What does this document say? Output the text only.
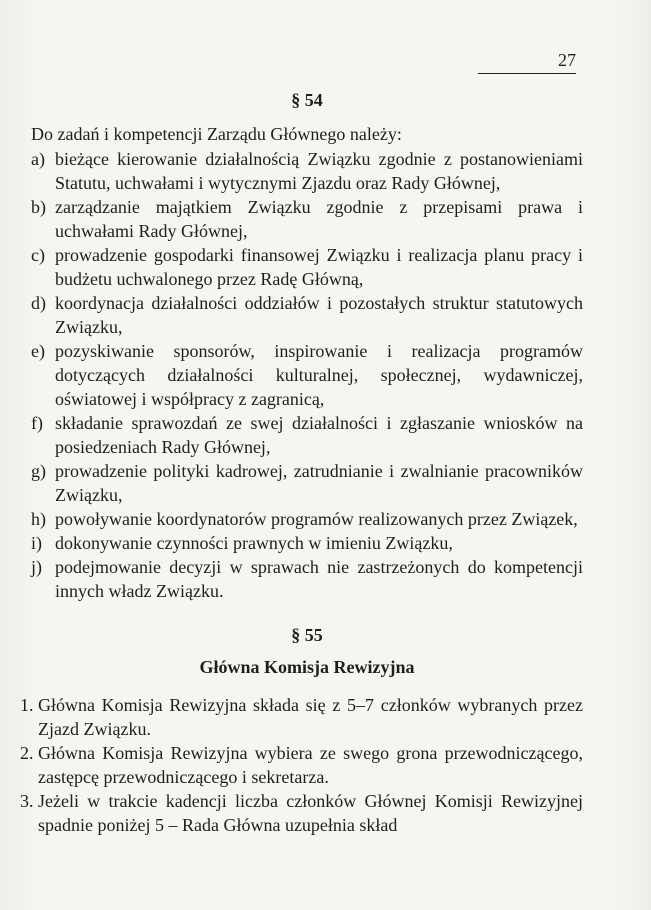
27
§ 54

Do zadań i kompetencji Zarządu Głównego należy:

a) bieżące kierowanie działalnością Związku zgodnie z postanowieniami Statutu, uchwałami i wytycznymi Zjazdu oraz Rady Głównej,
b) zarządzanie majątkiem Związku zgodnie z przepisami prawa i uchwałami Rady Głównej,
c) prowadzenie gospodarki finansowej Związku i realizacja planu pracy i budżetu uchwalonego przez Radę Główną,
d) koordynacja działalności oddziałów i pozostałych struktur statutowych Związku,
e) pozyskiwanie sponsorów, inspirowanie i realizacja programów dotyczących działalności kulturalnej, społecznej, wydawniczej, oświatowej i współpracy z zagranicą,
f) składanie sprawozdań ze swej działalności i zgłaszanie wniosków na posiedzeniach Rady Głównej,
g) prowadzenie polityki kadrowej, zatrudnianie i zwalnianie pracowników Związku,
h) powoływanie koordynatorów programów realizowanych przez Związek,
i) dokonywanie czynności prawnych w imieniu Związku,
j) podejmowanie decyzji w sprawach nie zastrzeżonych do kompetencji innych władz Związku.
§ 55
Główna Komisja Rewizyjna
1. Główna Komisja Rewizyjna składa się z 5–7 członków wybranych przez Zjazd Związku.
2. Główna Komisja Rewizyjna wybiera ze swego grona przewodniczącego, zastępcę przewodniczącego i sekretarza.
3. Jeżeli w trakcie kadencji liczba członków Głównej Komisji Rewizyjnej spadnie poniżej 5 – Rada Główna uzupełnia skład
